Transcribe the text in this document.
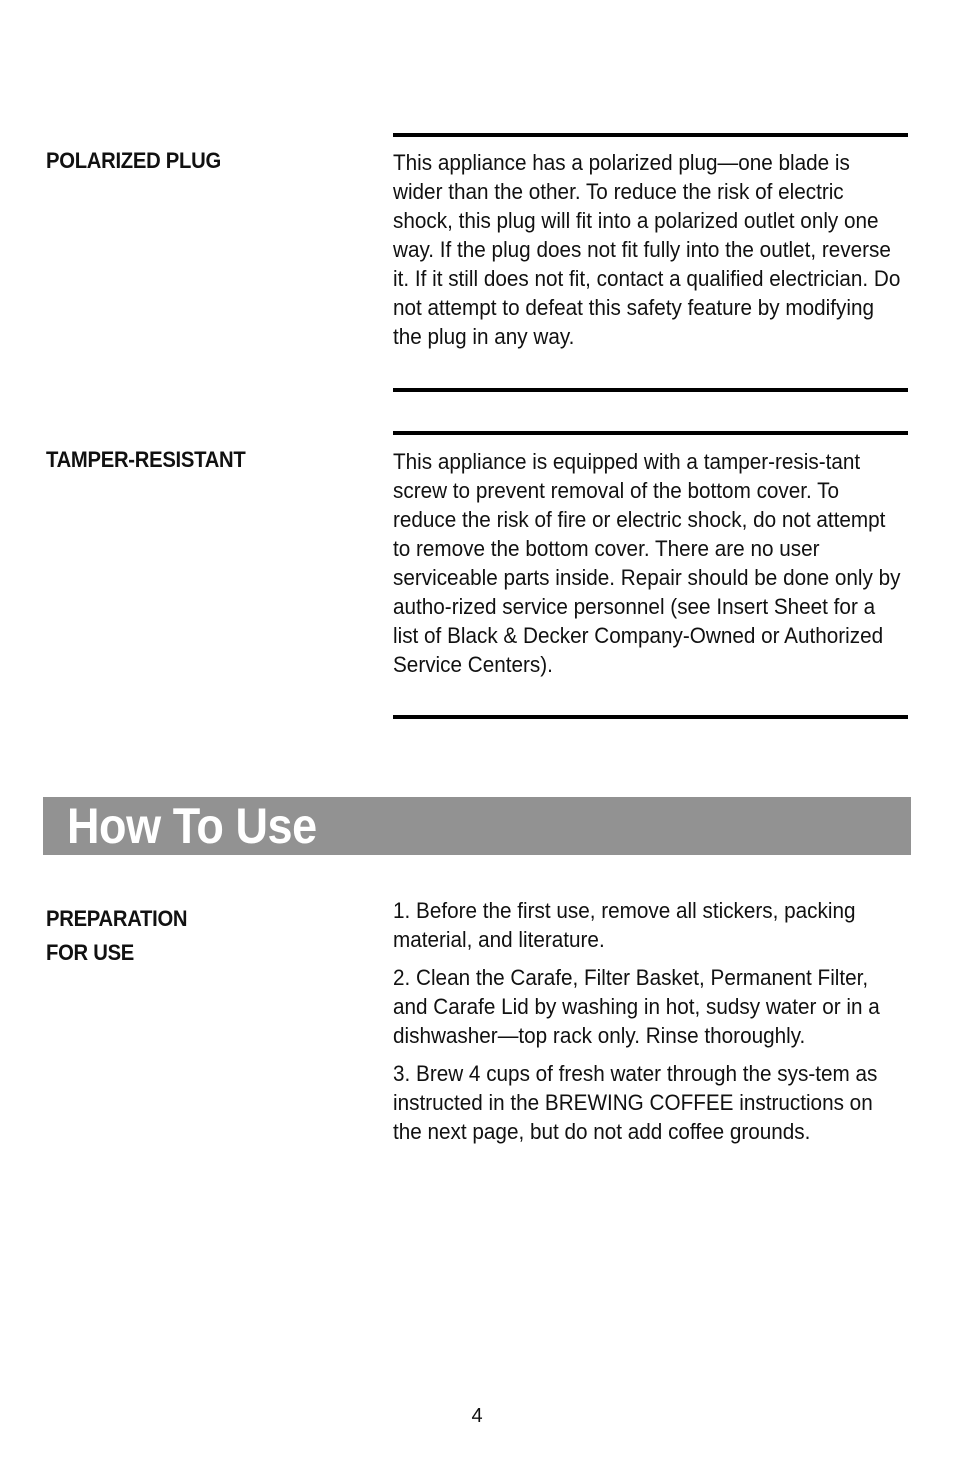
POLARIZED PLUG	This appliance has a polarized plug—one blade is wider than the other. To reduce the risk of electric shock, this plug will fit into a polarized outlet only one way. If the plug does not fit fully into the outlet, reverse it. If it still does not fit, contact a qualified electrician. Do not attempt to defeat this safety feature by modifying the plug in any way.

TAMPER-RESISTANT	This appliance is equipped with a tamper-resis-tant screw to prevent removal of the bottom cover. To reduce the risk of fire or electric shock, do not attempt to remove the bottom cover. There are no user serviceable parts inside. Repair should be done only by autho-rized service personnel (see Insert Sheet for a list of Black & Decker Company-Owned or Authorized Service Centers).

How To Use
PREPARATION
FOR USE
1. Before the first use, remove all stickers, packing material, and literature.
2. Clean the Carafe, Filter Basket, Permanent Filter, and Carafe Lid by washing in hot, sudsy water or in a dishwasher—top rack only. Rinse thoroughly.
3. Brew 4 cups of fresh water through the sys-tem as instructed in the BREWING COFFEE instructions on the next page, but do not add coffee grounds.
4
